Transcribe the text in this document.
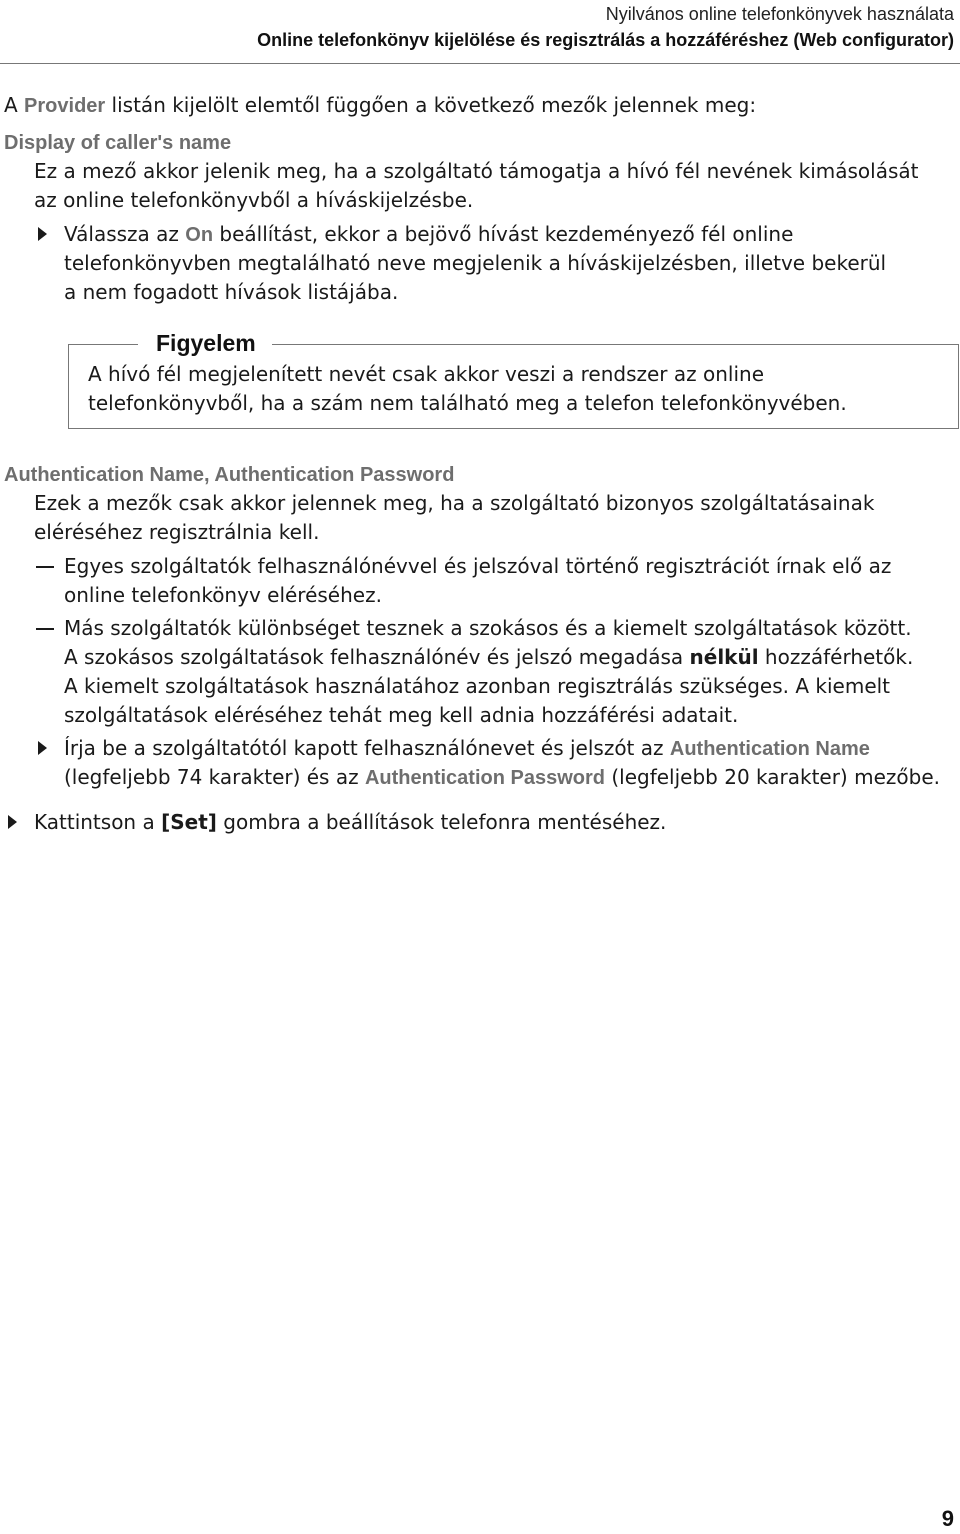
Nyilvános online telefonkönyvek használata
Online telefonkönyv kijelölése és regisztrálás a hozzáféréshez (Web configurator)
A Provider listán kijelölt elemtől függően a következő mezők jelennek meg:
Display of caller's name
Ez a mező akkor jelenik meg, ha a szolgáltató támogatja a hívó fél nevének kimásolását
az online telefonkönyvből a híváskijelzésbe.
Válassza az On beállítást, ekkor a bejövő hívást kezdeményező fél online
telefonkönyvben megtalálható neve megjelenik a híváskijelzésben, illetve bekerül
a nem fogadott hívások listájába.
Figyelem
A hívó fél megjelenített nevét csak akkor veszi a rendszer az online
telefonkönyvből, ha a szám nem található meg a telefon telefonkönyvében.
Authentication Name, Authentication Password
Ezek a mezők csak akkor jelennek meg, ha a szolgáltató bizonyos szolgáltatásainak
eléréséhez regisztrálnia kell.
Egyes szolgáltatók felhasználónévvel és jelszóval történő regisztrációt írnak elő az
online telefonkönyv eléréséhez.
Más szolgáltatók különbséget tesznek a szokásos és a kiemelt szolgáltatások között.
A szokásos szolgáltatások felhasználónév és jelszó megadása nélkül hozzáférhetők.
A kiemelt szolgáltatások használatához azonban regisztrálás szükséges. A kiemelt
szolgáltatások eléréséhez tehát meg kell adnia hozzáférési adatait.
Írja be a szolgáltatótól kapott felhasználónevet és jelszót az Authentication Name
(legfeljebb 74 karakter) és az Authentication Password (legfeljebb 20 karakter) mezőbe.
Kattintson a [Set] gombra a beállítások telefonra mentéséhez.
9
